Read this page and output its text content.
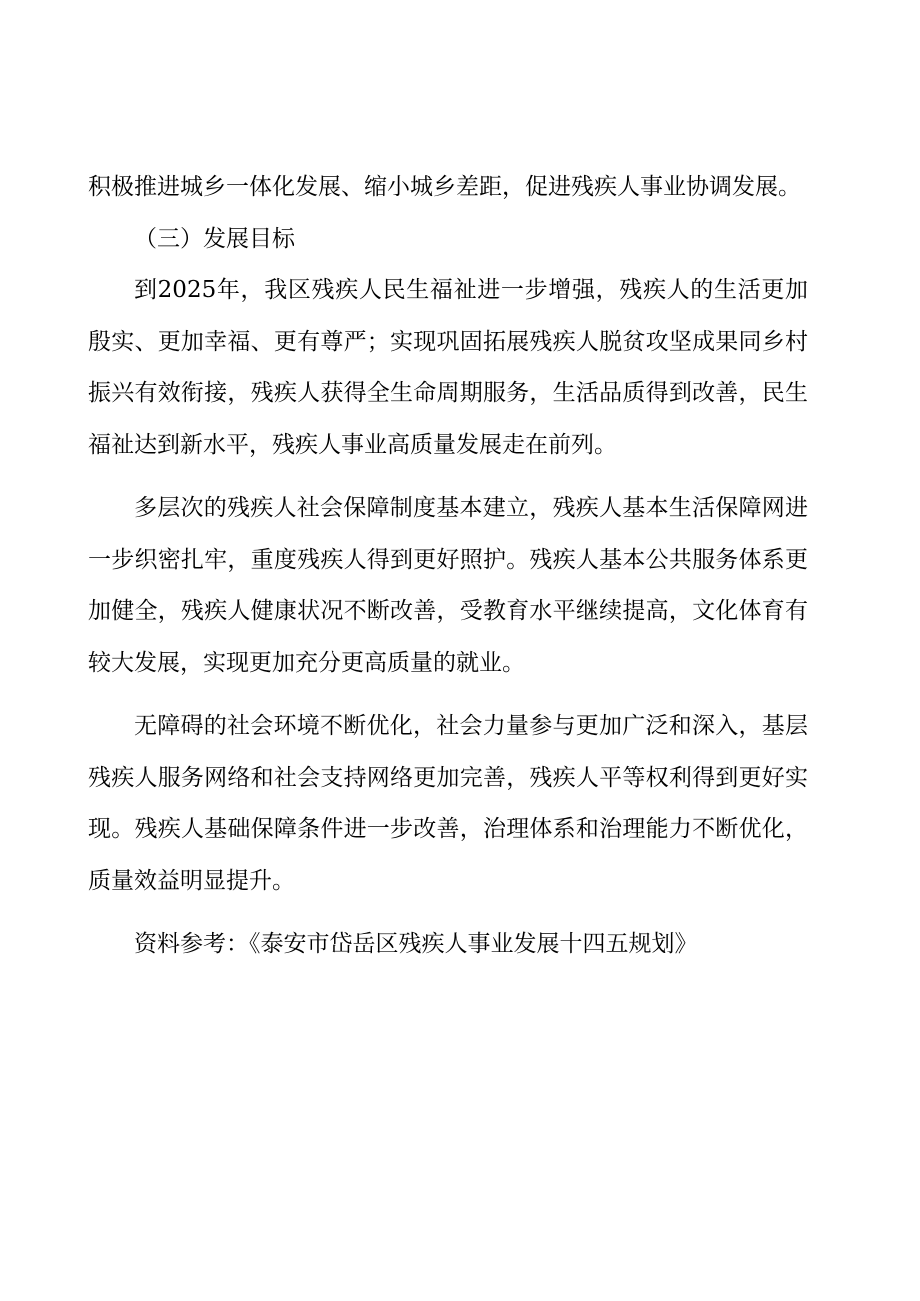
积极推进城乡一体化发展、缩小城乡差距，促进残疾人事业协调发展。

（三）发展目标

到2025年，我区残疾人民生福祉进一步增强，残疾人的生活更加殷实、更加幸福、更有尊严；实现巩固拓展残疾人脱贫攻坚成果同乡村振兴有效衔接，残疾人获得全生命周期服务，生活品质得到改善，民生福祉达到新水平，残疾人事业高质量发展走在前列。

多层次的残疾人社会保障制度基本建立，残疾人基本生活保障网进一步织密扎牢，重度残疾人得到更好照护。残疾人基本公共服务体系更加健全，残疾人健康状况不断改善，受教育水平继续提高，文化体育有较大发展，实现更加充分更高质量的就业。

无障碍的社会环境不断优化，社会力量参与更加广泛和深入，基层残疾人服务网络和社会支持网络更加完善，残疾人平等权利得到更好实现。残疾人基础保障条件进一步改善，治理体系和治理能力不断优化，质量效益明显提升。

资料参考：《泰安市岱岳区残疾人事业发展十四五规划》
